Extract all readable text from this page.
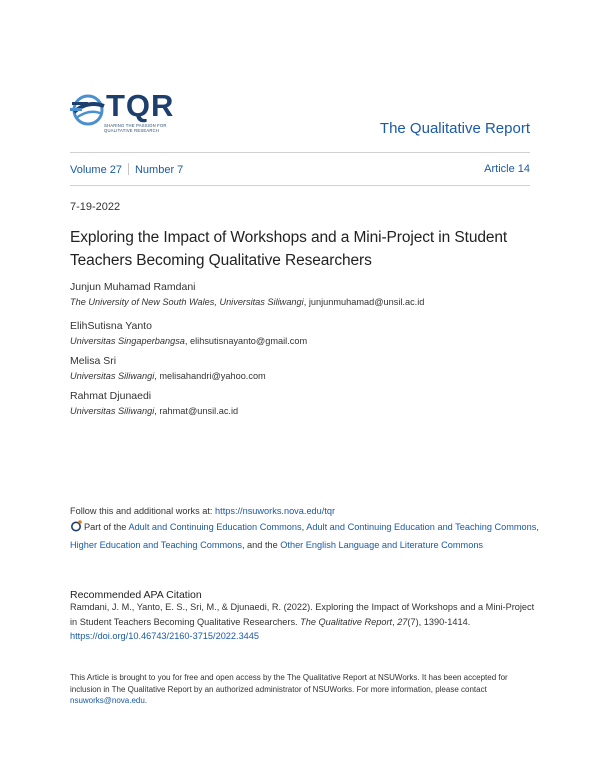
TQR
SHARING THE PASSION FOR QUALITATIVE RESEARCH	The Qualitative Report
Volume 27 Number 7	Article 14
7-19-2022
Exploring the Impact of Workshops and a Mini-Project in Student Teachers Becoming Qualitative Researchers
Junjun Muhamad Ramdani
The University of New South Wales, Universitas Siliwangi, junjunmuhamad@unsil.ac.id
ElihSutisna Yanto
Universitas Singaperbangsa, elihsutisnayanto@gmail.com
Melisa Sri
Universitas Siliwangi, melisahandri@yahoo.com
Rahmat Djunaedi
Universitas Siliwangi, rahmat@unsil.ac.id
Follow this and additional works at: https://nsuworks.nova.edu/tqr
Part of the Adult and Continuing Education Commons, Adult and Continuing Education and Teaching Commons, Higher Education and Teaching Commons, and the Other English Language and Literature Commons
Recommended APA Citation
Ramdani, J. M., Yanto, E. S., Sri, M., & Djunaedi, R. (2022). Exploring the Impact of Workshops and a Mini-Project in Student Teachers Becoming Qualitative Researchers. The Qualitative Report, 27(7), 1390-1414.
https://doi.org/10.46743/2160-3715/2022.3445
This Article is brought to you for free and open access by the The Qualitative Report at NSUWorks. It has been accepted for inclusion in The Qualitative Report by an authorized administrator of NSUWorks. For more information, please contact nsuworks@nova.edu.
